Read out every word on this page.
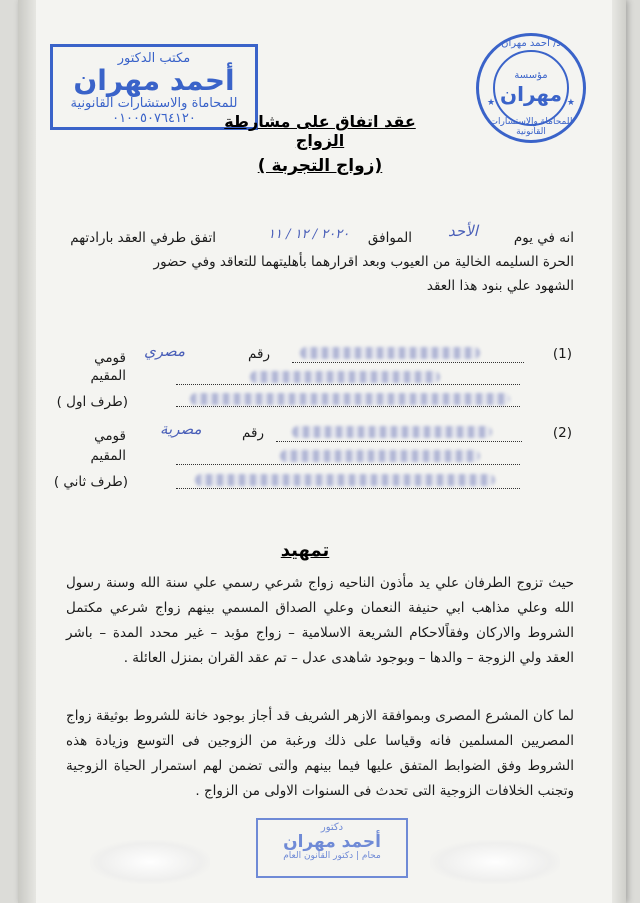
مكتب الدكتور
أحمد مهران
للمحاماة والاستشارات القانونية
٠١٠٠٥٠٧٦٤١٢٠
د/ أحمد مهران
مؤسسة
مهران
★	★
للمحاماة والاستشارات القانونية
عقد اتفاق على مشارطة الزواج
(زواج التجربة )
انه في يوم
الأحد
الموافق
٢٠٢٠ / ١٢ / ١١
اتفق طرفي العقد بارادتهم
الحرة السليمه الخالية من العيوب وبعد اقرارهما بأهليتهما للتعاقد وفي حضور
الشهود علي بنود هذا العقد
(1)
رقم
مصري
قومي
المقيم
(طرف اول )
(2)
رقم
مصرية
قومي
المقيم
(طرف ثاني )
تمهيد
حيث تزوج الطرفان علي يد مأذون الناحيه زواج شرعي رسمي علي سنة الله وسنة رسول الله وعلي مذاهب ابي حنيفة النعمان وعلي الصداق المسمي بينهم زواج شرعي مكتمل الشروط والاركان وفقاًلاحكام الشريعة الاسلامية – زواج مؤبد – غير محدد المدة – باشر العقد ولي الزوجة – والدها – وبوجود شاهدى عدل – تم عقد القران بمنزل العائلة .
لما كان المشرع المصرى وبموافقة الازهر الشريف قد أجاز بوجود خانة للشروط بوثيقة زواج المصريين المسلمين فانه وقياسا على ذلك ورغبة من الزوجين فى التوسع وزيادة هذه الشروط وفق الضوابط المتفق عليها فيما بينهم والتى تضمن لهم استمرار الحياة الزوجية وتجنب الخلافات الزوجية التى تحدث فى السنوات الاولى من الزواج .
دكتور
أحمد مهران
محام | دكتور القانون العام
